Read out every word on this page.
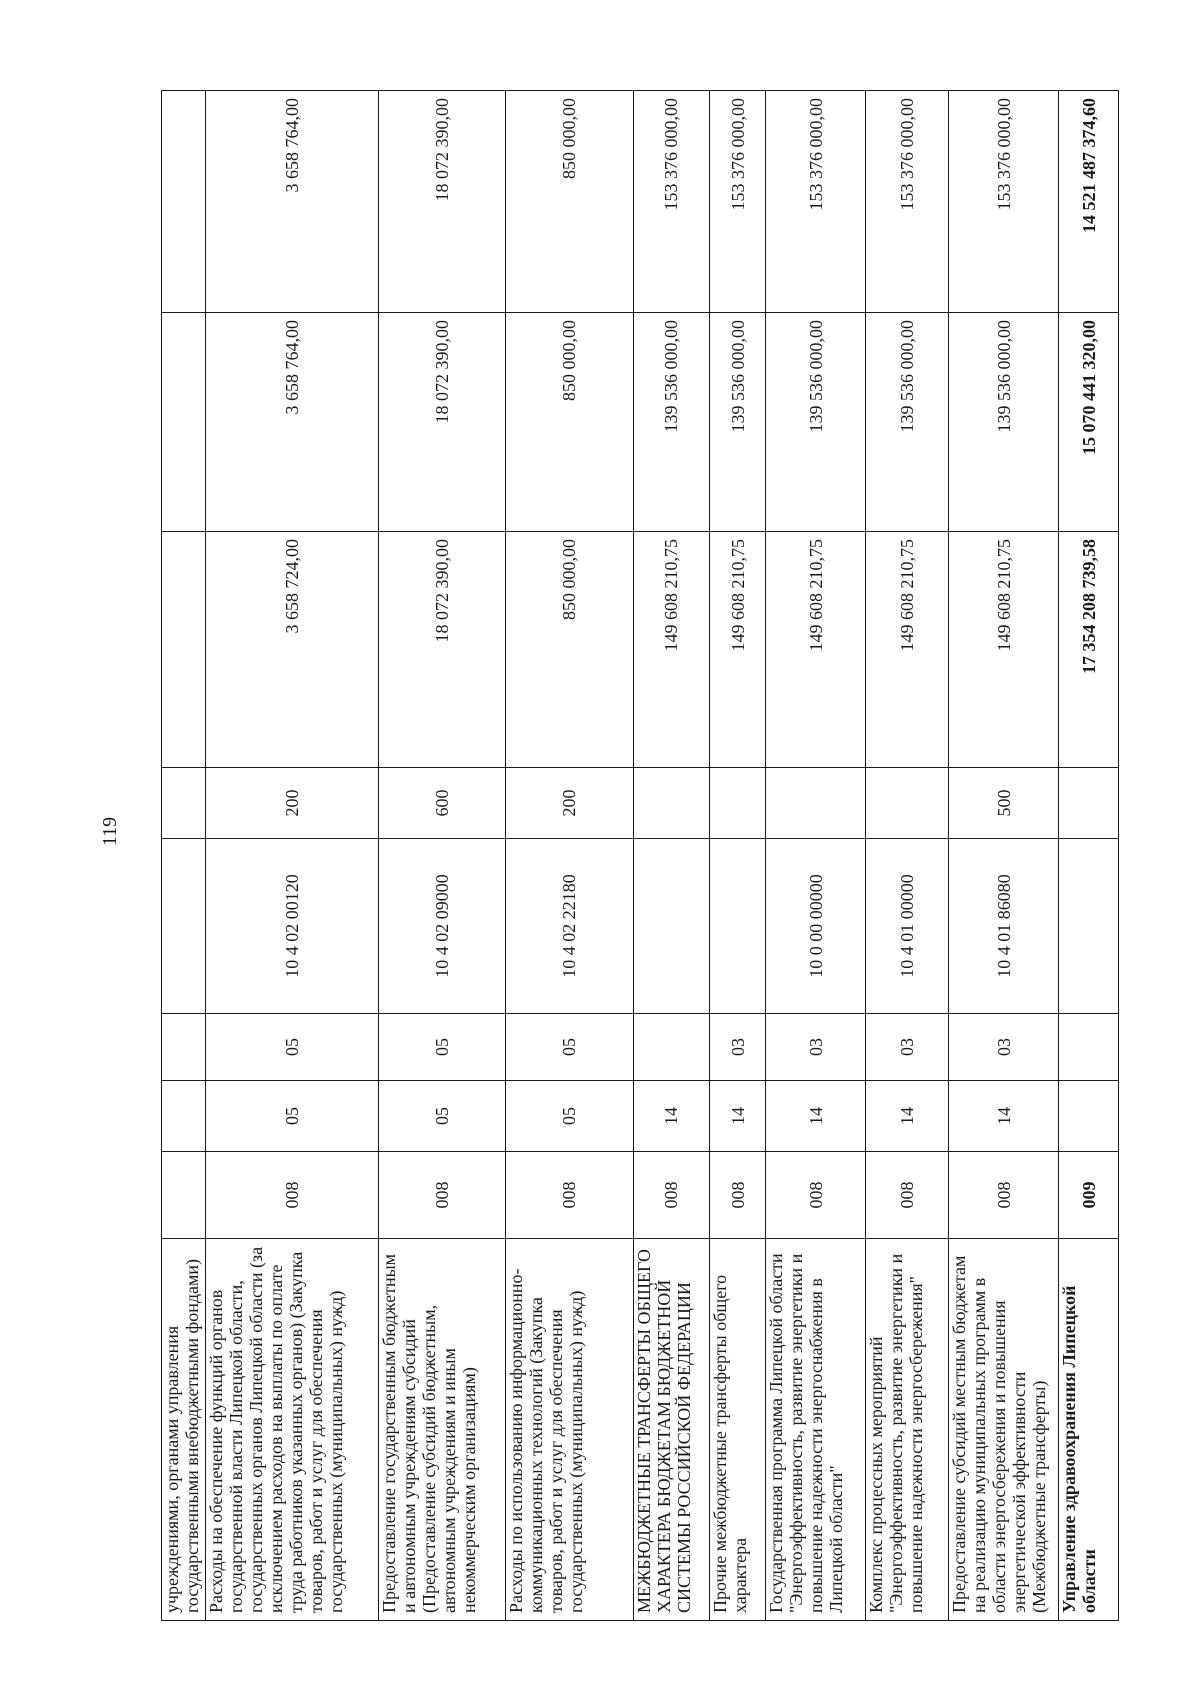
119
учреждениями, органами управления государственными внебюджетными фондами)								
Расходы на обеспечение функций органов государственной власти Липецкой области, государственных органов Липецкой области (за исключением расходов на выплаты по оплате труда работников указанных органов) (Закупка товаров, работ и услуг для обеспечения государственных (муниципальных) нужд)	008	05	05	10 4 02 00120	200	3 658 724,00	3 658 764,00	3 658 764,00
Предоставление государственным бюджетным и автономным учреждениям субсидий (Предоставление субсидий бюджетным, автономным учреждениям и иным некоммерческим организациям)	008	05	05	10 4 02 09000	600	18 072 390,00	18 072 390,00	18 072 390,00
Расходы по использованию информационно-коммуникационных технологий (Закупка товаров, работ и услуг для обеспечения государственных (муниципальных) нужд)	008	05	05	10 4 02 22180	200	850 000,00	850 000,00	850 000,00
МЕЖБЮДЖЕТНЫЕ ТРАНСФЕРТЫ ОБЩЕГО ХАРАКТЕРА БЮДЖЕТАМ БЮДЖЕТНОЙ СИСТЕМЫ РОССИЙСКОЙ ФЕДЕРАЦИИ	008	14				149 608 210,75	139 536 000,00	153 376 000,00
Прочие межбюджетные трансферты общего характера	008	14	03			149 608 210,75	139 536 000,00	153 376 000,00
Государственная программа Липецкой области "Энергоэффективность, развитие энергетики и повышение надежности энергоснабжения в Липецкой области"	008	14	03	10 0 00 00000		149 608 210,75	139 536 000,00	153 376 000,00
Комплекс процессных мероприятий "Энергоэффективность, развитие энергетики и повышение надежности энергосбережения"	008	14	03	10 4 01 00000		149 608 210,75	139 536 000,00	153 376 000,00
Предоставление субсидий местным бюджетам на реализацию муниципальных программ в области энергосбережения и повышения энергетической эффективности (Межбюджетные трансферты)	008	14	03	10 4 01 86080	500	149 608 210,75	139 536 000,00	153 376 000,00
Управление здравоохранения Липецкой области	009					17 354 208 739,58	15 070 441 320,00	14 521 487 374,60
